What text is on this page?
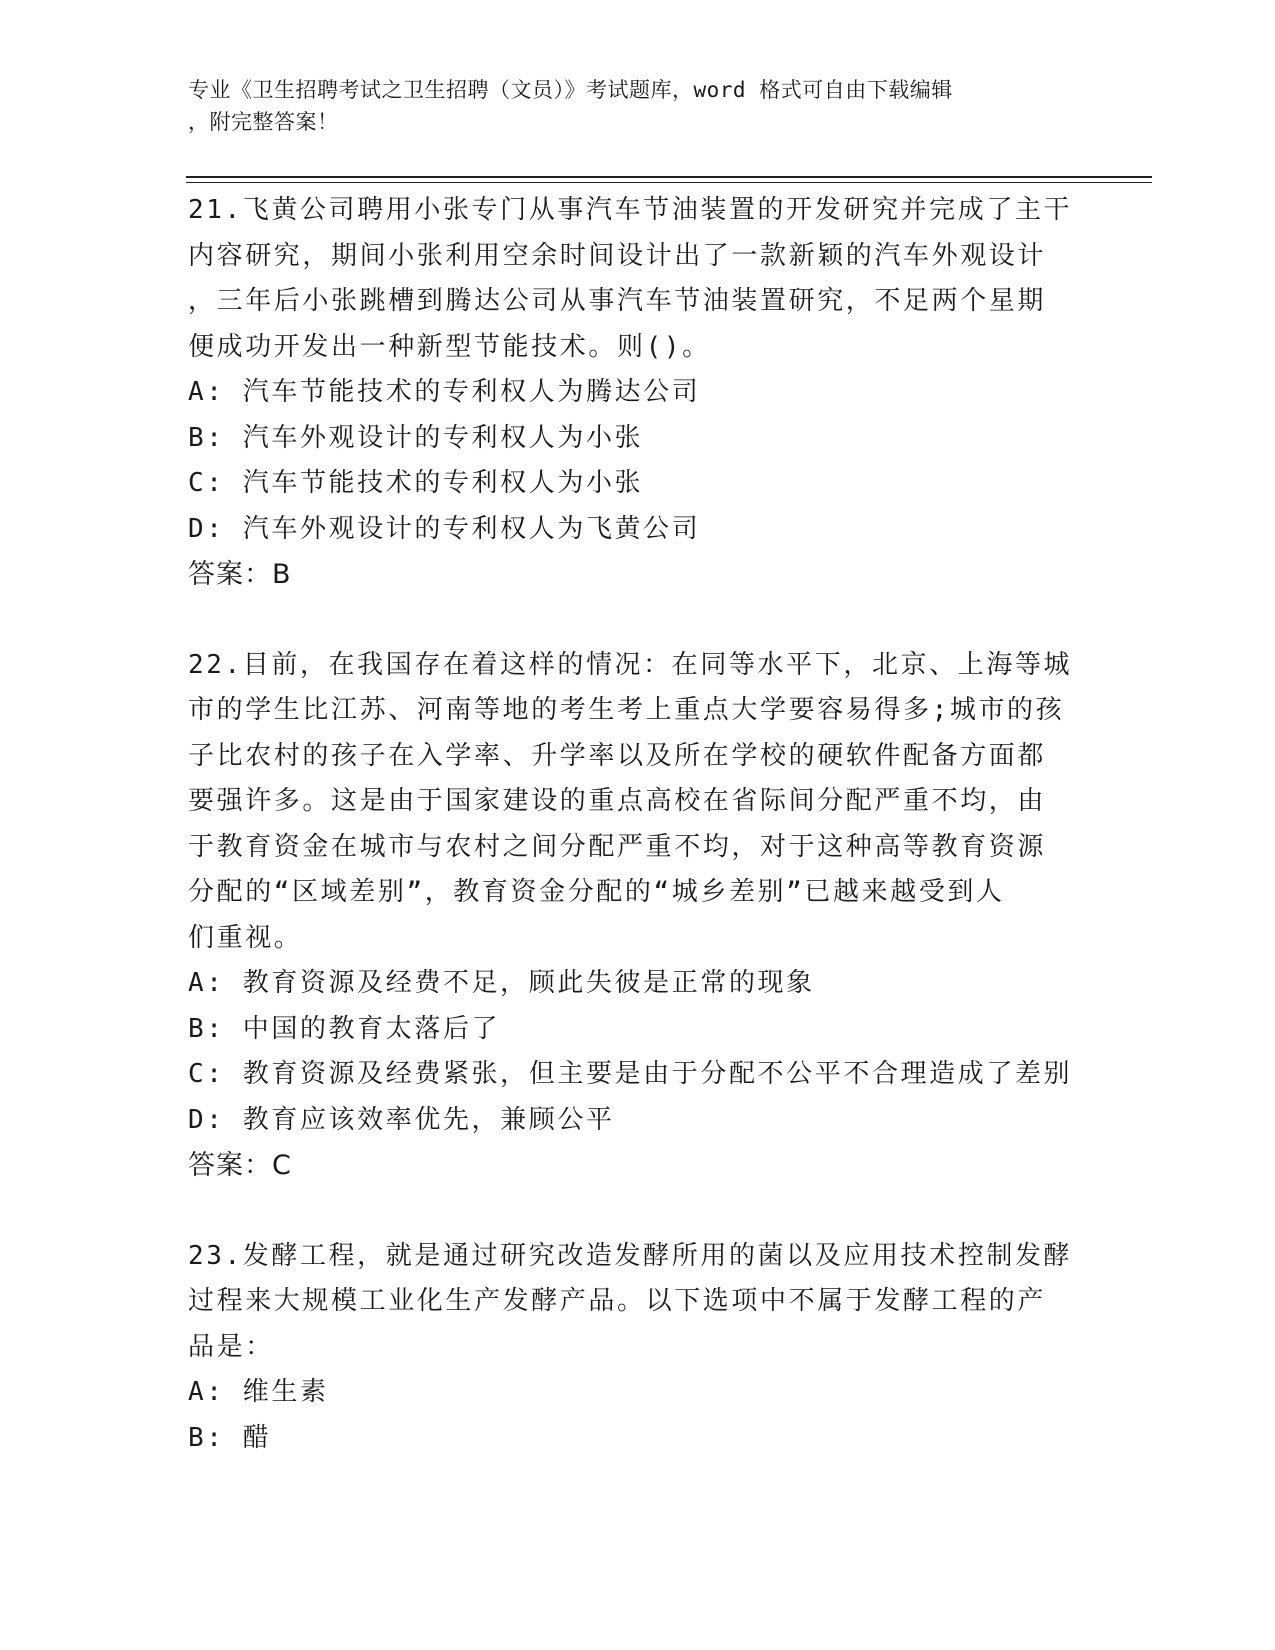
专业《卫生招聘考试之卫生招聘（文员）》考试题库，word 格式可自由下载编辑
，附完整答案！
21.飞黄公司聘用小张专门从事汽车节油装置的开发研究并完成了主干
内容研究，期间小张利用空余时间设计出了一款新颖的汽车外观设计
，三年后小张跳槽到腾达公司从事汽车节油装置研究，不足两个星期
便成功开发出一种新型节能技术。则()。
A: 汽车节能技术的专利权人为腾达公司
B: 汽车外观设计的专利权人为小张
C: 汽车节能技术的专利权人为小张
D: 汽车外观设计的专利权人为飞黄公司
答案：B
22.目前，在我国存在着这样的情况：在同等水平下，北京、上海等城
市的学生比江苏、河南等地的考生考上重点大学要容易得多;城市的孩
子比农村的孩子在入学率、升学率以及所在学校的硬软件配备方面都
要强许多。这是由于国家建设的重点高校在省际间分配严重不均，由
于教育资金在城市与农村之间分配严重不均，对于这种高等教育资源
分配的“区域差别”，教育资金分配的“城乡差别”已越来越受到人
们重视。
A: 教育资源及经费不足，顾此失彼是正常的现象
B: 中国的教育太落后了
C: 教育资源及经费紧张，但主要是由于分配不公平不合理造成了差别
D: 教育应该效率优先，兼顾公平
答案：C
23.发酵工程，就是通过研究改造发酵所用的菌以及应用技术控制发酵
过程来大规模工业化生产发酵产品。以下选项中不属于发酵工程的产
品是：
A: 维生素
B: 醋
